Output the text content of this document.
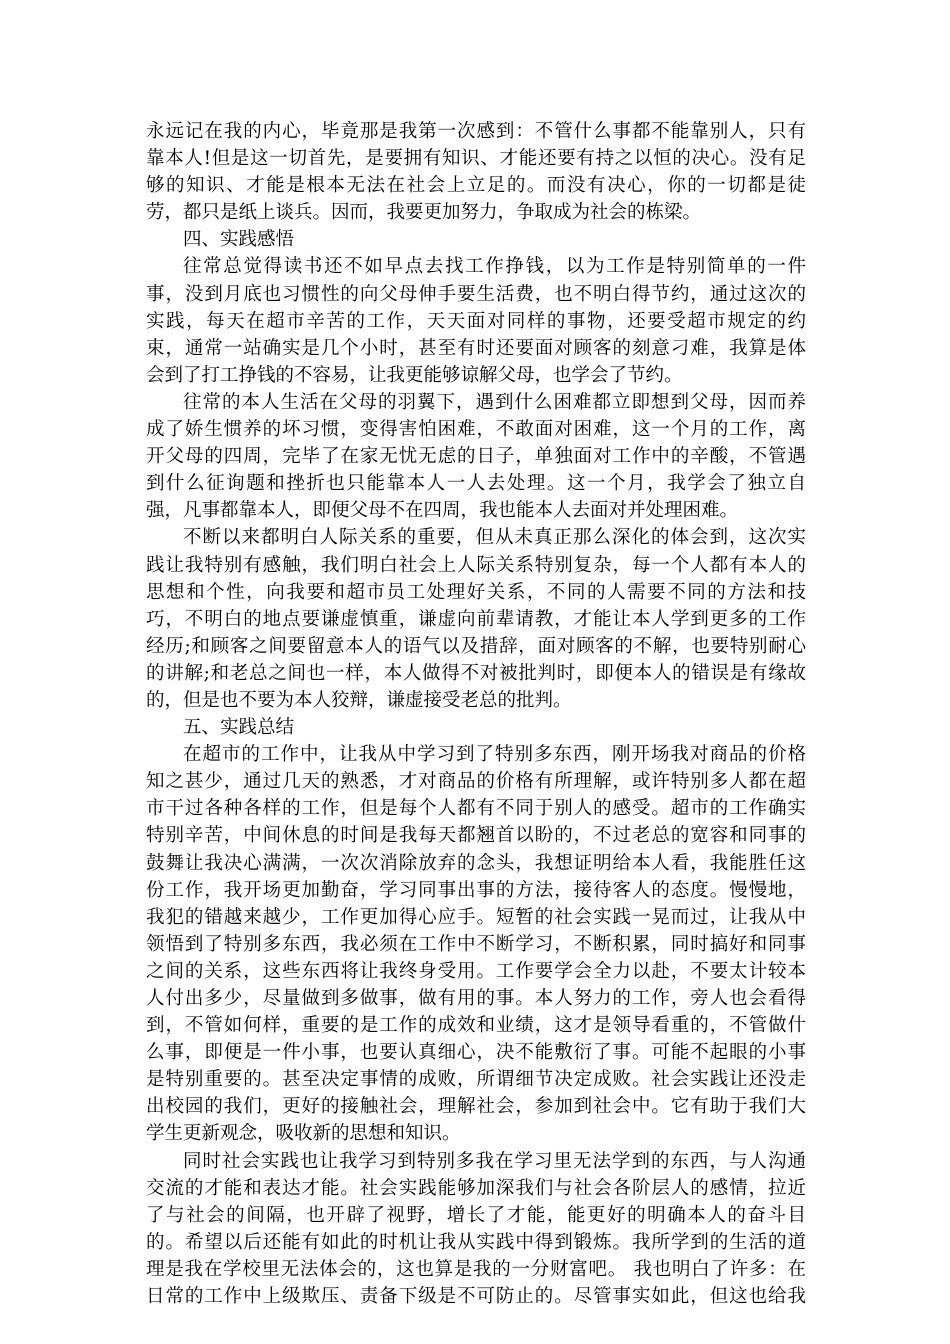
永远记在我的内心，毕竟那是我第一次感到：不管什么事都不能靠别人，只有
靠本人!但是这一切首先，是要拥有知识、才能还要有持之以恒的决心。没有足
够的知识、才能是根本无法在社会上立足的。而没有决心，你的一切都是徒
劳，都只是纸上谈兵。因而，我要更加努力，争取成为社会的栋梁。
四、实践感悟
往常总觉得读书还不如早点去找工作挣钱，以为工作是特别简单的一件
事，没到月底也习惯性的向父母伸手要生活费，也不明白得节约，通过这次的
实践，每天在超市辛苦的工作，天天面对同样的事物，还要受超市规定的约
束，通常一站确实是几个小时，甚至有时还要面对顾客的刻意刁难，我算是体
会到了打工挣钱的不容易，让我更能够谅解父母，也学会了节约。
往常的本人生活在父母的羽翼下，遇到什么困难都立即想到父母，因而养
成了娇生惯养的坏习惯，变得害怕困难，不敢面对困难，这一个月的工作，离
开父母的四周，完毕了在家无忧无虑的日子，单独面对工作中的辛酸，不管遇
到什么征询题和挫折也只能靠本人一人去处理。这一个月，我学会了独立自
强，凡事都靠本人，即便父母不在四周，我也能本人去面对并处理困难。
不断以来都明白人际关系的重要，但从未真正那么深化的体会到，这次实
践让我特别有感触，我们明白社会上人际关系特别复杂，每一个人都有本人的
思想和个性，向我要和超市员工处理好关系，不同的人需要不同的方法和技
巧，不明白的地点要谦虚慎重，谦虚向前辈请教，才能让本人学到更多的工作
经历;和顾客之间要留意本人的语气以及措辞，面对顾客的不解，也要特别耐心
的讲解;和老总之间也一样，本人做得不对被批判时，即便本人的错误是有缘故
的，但是也不要为本人狡辩，谦虚接受老总的批判。
五、实践总结
在超市的工作中，让我从中学习到了特别多东西，刚开场我对商品的价格
知之甚少，通过几天的熟悉，才对商品的价格有所理解，或许特别多人都在超
市干过各种各样的工作，但是每个人都有不同于别人的感受。超市的工作确实
特别辛苦，中间休息的时间是我每天都翘首以盼的，不过老总的宽容和同事的
鼓舞让我决心满满，一次次消除放弃的念头，我想证明给本人看，我能胜任这
份工作，我开场更加勤奋，学习同事出事的方法，接待客人的态度。慢慢地，
我犯的错越来越少，工作更加得心应手。短暂的社会实践一晃而过，让我从中
领悟到了特别多东西，我必须在工作中不断学习，不断积累，同时搞好和同事
之间的关系，这些东西将让我终身受用。工作要学会全力以赴，不要太计较本
人付出多少，尽量做到多做事，做有用的事。本人努力的工作，旁人也会看得
到，不管如何样，重要的是工作的成效和业绩，这才是领导看重的，不管做什
么事，即便是一件小事，也要认真细心，决不能敷衍了事。可能不起眼的小事
是特别重要的。甚至决定事情的成败，所谓细节决定成败。社会实践让还没走
出校园的我们，更好的接触社会，理解社会，参加到社会中。它有助于我们大
学生更新观念，吸收新的思想和知识。
同时社会实践也让我学习到特别多我在学习里无法学到的东西，与人沟通
交流的才能和表达才能。社会实践能够加深我们与社会各阶层人的感情，拉近
了与社会的间隔，也开辟了视野，增长了才能，能更好的明确本人的奋斗目
的。希望以后还能有如此的时机让我从实践中得到锻炼。我所学到的生活的道
理是我在学校里无法体会的，这也算是我的一分财富吧。 我也明白了许多：在
日常的工作中上级欺压、责备下级是不可防止的。尽管事实如此，但这也给我
